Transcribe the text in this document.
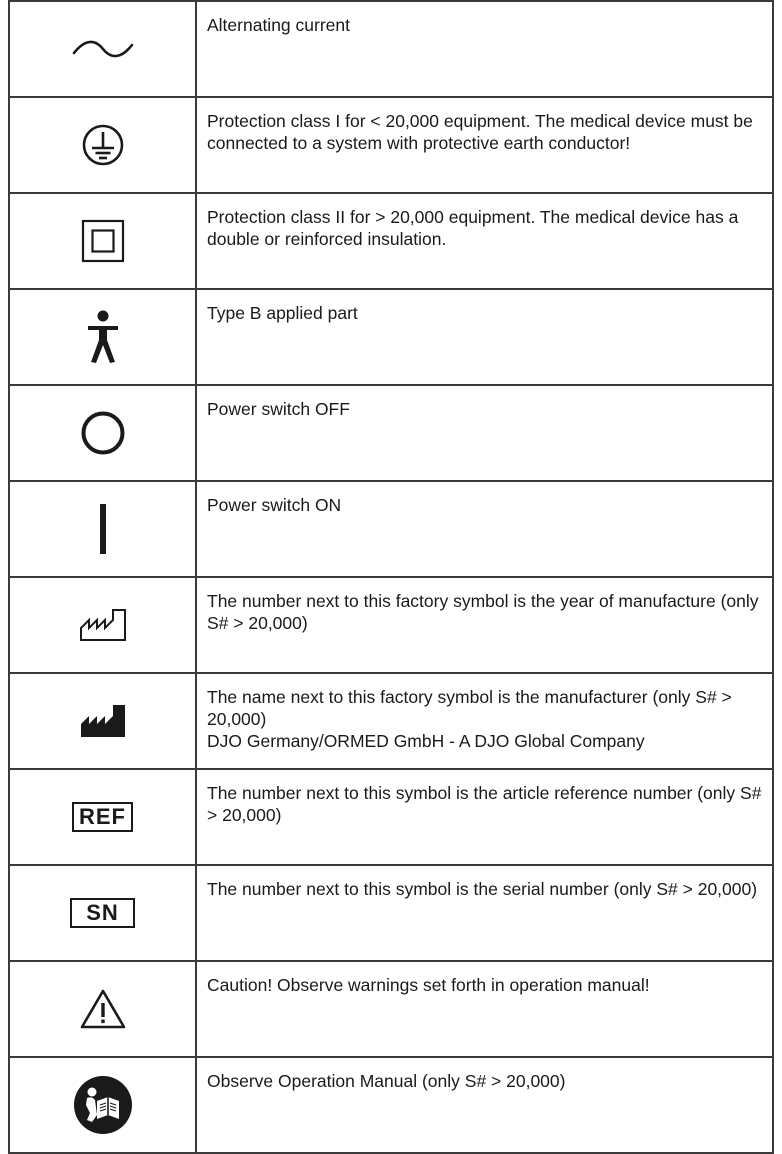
Alternating current

Protection class I for < 20,000 equipment. The medical device must be connected to a system with protective earth conductor!

Protection class II for > 20,000 equipment. The medical device has a double or reinforced insulation.

Type B applied part

Power switch OFF

Power switch ON

The number next to this factory symbol is the year of manufacture (only S# > 20,000)

The name next to this factory symbol is the manufacturer (only S# > 20,000)
DJO Germany/ORMED GmbH - A DJO Global Company

REF	The number next to this symbol is the article reference number (only S# > 20,000)

SN	The number next to this symbol is the serial number (only S# > 20,000)

Caution! Observe warnings set forth in operation manual!

Observe Operation Manual (only S# > 20,000)
